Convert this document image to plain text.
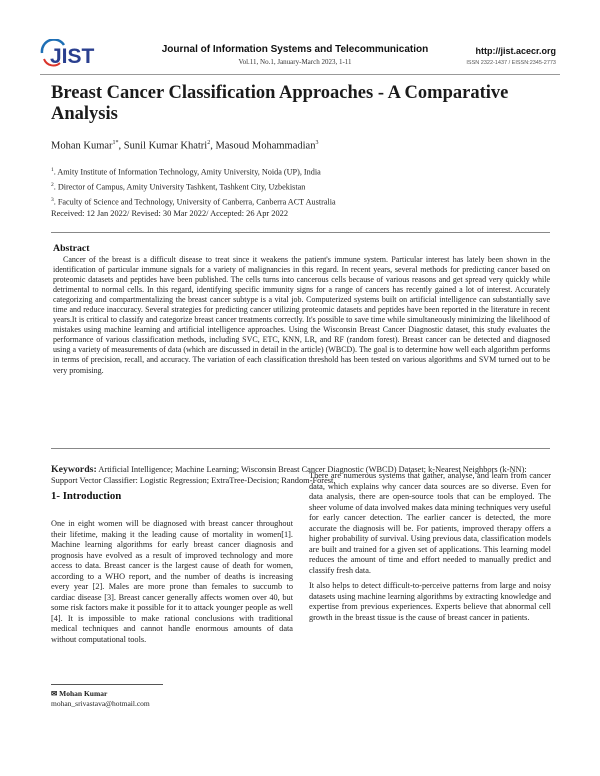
JIST	Journal of Information Systems and Telecommunication
Vol.11, No.1, January-March 2023, 1-11
http://jist.acecr.org
ISSN 2322-1437 / EISSN:2345-2773
Breast Cancer Classification Approaches - A Comparative Analysis
Mohan Kumar$^{1*}$, Sunil Kumar Khatri$^2$, Masoud Mohammadian$^3$
$^1$. Amity Institute of Information Technology, Amity University, Noida (UP), India
$^2$. Director of Campus, Amity University Tashkent, Tashkent City, Uzbekistan
$^3$. Faculty of Science and Technology, University of Canberra, Canberra ACT Australia
Received: 12 Jan 2022/ Revised: 30 Mar 2022/ Accepted: 26 Apr 2022
Abstract

Cancer of the breast is a difficult disease to treat since it weakens the patient's immune system. Particular interest has lately been shown in the identification of particular immune signals for a variety of malignancies in this regard. In recent years, several methods for predicting cancer based on proteomic datasets and peptides have been published. The cells turns into cancerous cells because of various reasons and get spread very quickly while detrimental to normal cells. In this regard, identifying specific immunity signs for a range of cancers has recently gained a lot of interest. Accurately categorizing and compartmentalizing the breast cancer subtype is a vital job. Computerized systems built on artificial intelligence can substantially save time and reduce inaccuracy. Several strategies for predicting cancer utilizing proteomic datasets and peptides have been reported in the literature in recent years.It is critical to classify and categorize breast cancer treatments correctly. It's possible to save time while simultaneously minimizing the likelihood of mistakes using machine learning and artificial intelligence approaches. Using the Wisconsin Breast Cancer Diagnostic dataset, this study evaluates the performance of various classification methods, including SVC, ETC, KNN, LR, and RF (random forest). Breast cancer can be detected and diagnosed using a variety of measurements of data (which are discussed in detail in the article) (WBCD). The goal is to determine how well each algorithm performs in terms of precision, recall, and accuracy. The variation of each classification threshold has been tested on various algorithms and SVM turned out to be very promising.

Keywords: Artificial Intelligence; Machine Learning; Wisconsin Breast Cancer Diagnostic (WBCD) Dataset; k-Nearest Neighbors (k-NN): Support Vector Classifier: Logistic Regression; ExtraTree-Decision; Random-Forest.
1- Introduction

One in eight women will be diagnosed with breast cancer throughout their lifetime, making it the leading cause of mortality in women[1]. Machine learning algorithms for early breast cancer diagnosis and prognosis have evolved as a result of improved technology and more access to data. Breast cancer is the largest cause of death for women, according to a WHO report, and the number of deaths is increasing every year [2]. Males are more prone than females to succumb to cardiac disease [3]. Breast cancer generally affects women over 40, but some risk factors make it possible for it to attack younger people as well [4]. It is impossible to make rational conclusions with traditional medical techniques and cannot handle enormous amounts of data without computational tools.

There are numerous systems that gather, analyse, and learn from cancer data, which explains why cancer data sources are so diverse. Even for data analysis, there are open-source tools that can be employed. The sheer volume of data involved makes data mining techniques very useful for early cancer detection. The earlier cancer is detected, the more accurate the diagnosis will be. For patients, improved therapy offers a higher probability of survival. Using previous data, classification models are built and trained for a given set of applications. This learning model reduces the amount of time and effort needed to manually predict and classify fresh data.

It also helps to detect difficult-to-perceive patterns from large and noisy datasets using machine learning algorithms by extracting knowledge and expertise from previous experiences. Experts believe that abnormal cell growth in the breast tissue is the cause of breast cancer in patients.

✉ Mohan Kumar
mohan_srivastava@hotmail.com
